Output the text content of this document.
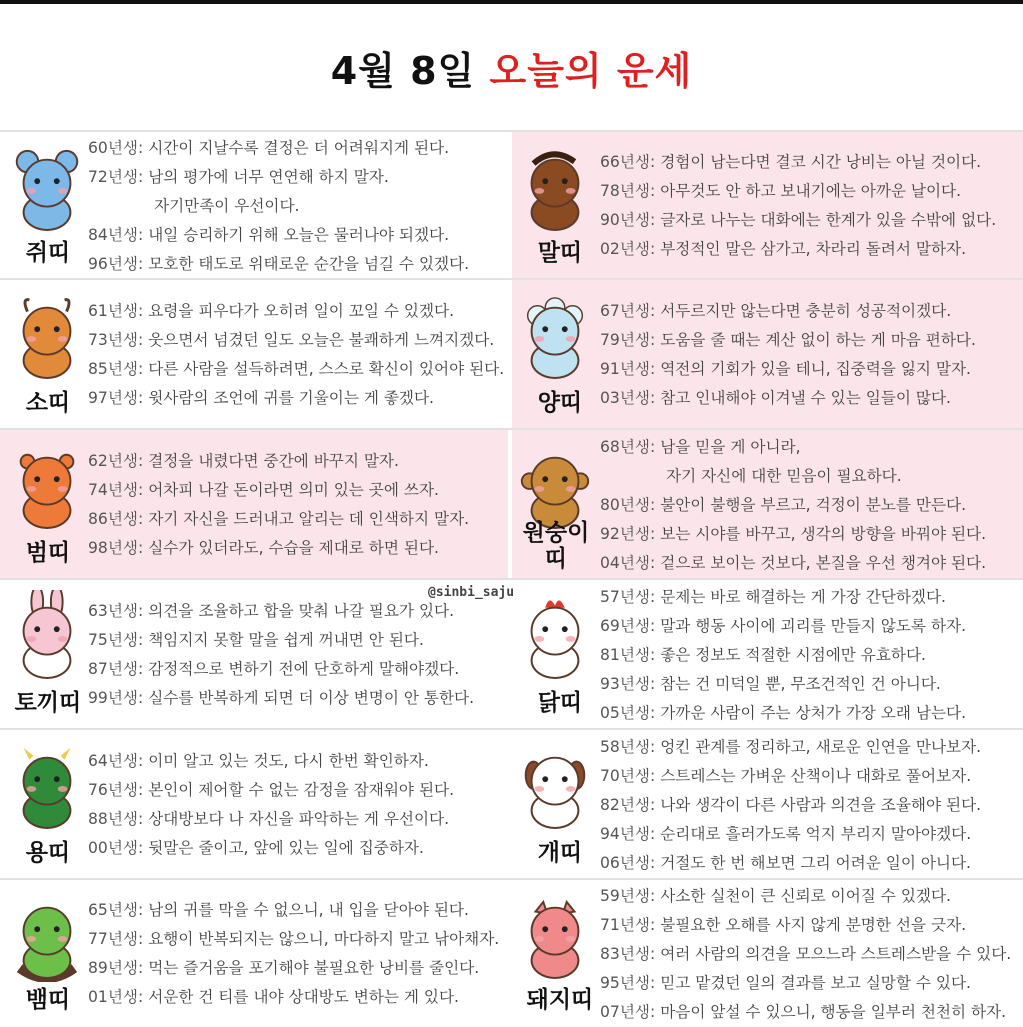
4월 8일 오늘의 운세
쥐띠
60년생: 시간이 지날수록 결정은 더 어려워지게 된다.
72년생: 남의 평가에 너무 연연해 하지 말자.
자기만족이 우선이다.
84년생: 내일 승리하기 위해 오늘은 물러나야 되겠다.
96년생: 모호한 태도로 위태로운 순간을 넘길 수 있겠다.	말띠
66년생: 경험이 남는다면 결코 시간 낭비는 아닐 것이다.
78년생: 아무것도 안 하고 보내기에는 아까운 날이다.
90년생: 글자로 나누는 대화에는 한계가 있을 수밖에 없다.
02년생: 부정적인 말은 삼가고, 차라리 돌려서 말하자.
소띠
61년생: 요령을 피우다가 오히려 일이 꼬일 수 있겠다.
73년생: 웃으면서 넘겼던 일도 오늘은 불쾌하게 느껴지겠다.
85년생: 다른 사람을 설득하려면, 스스로 확신이 있어야 된다.
97년생: 윗사람의 조언에 귀를 기울이는 게 좋겠다.	양띠
67년생: 서두르지만 않는다면 충분히 성공적이겠다.
79년생: 도움을 줄 때는 계산 없이 하는 게 마음 편하다.
91년생: 역전의 기회가 있을 테니, 집중력을 잃지 말자.
03년생: 참고 인내해야 이겨낼 수 있는 일들이 많다.
범띠
62년생: 결정을 내렸다면 중간에 바꾸지 말자.
74년생: 어차피 나갈 돈이라면 의미 있는 곳에 쓰자.
86년생: 자기 자신을 드러내고 알리는 데 인색하지 말자.
98년생: 실수가 있더라도, 수습을 제대로 하면 된다.
원숭이띠
68년생: 남을 믿을 게 아니라,
자기 자신에 대한 믿음이 필요하다.
80년생: 불안이 불행을 부르고, 걱정이 분노를 만든다.
92년생: 보는 시야를 바꾸고, 생각의 방향을 바꿔야 된다.
04년생: 겉으로 보이는 것보다, 본질을 우선 챙겨야 된다.
토끼띠
63년생: 의견을 조율하고 합을 맞춰 나갈 필요가 있다.
75년생: 책임지지 못할 말을 쉽게 꺼내면 안 된다.
87년생: 감정적으로 변하기 전에 단호하게 말해야겠다.
99년생: 실수를 반복하게 되면 더 이상 변명이 안 통한다.	닭띠
57년생: 문제는 바로 해결하는 게 가장 간단하겠다.
69년생: 말과 행동 사이에 괴리를 만들지 않도록 하자.
81년생: 좋은 정보도 적절한 시점에만 유효하다.
93년생: 참는 건 미덕일 뿐, 무조건적인 건 아니다.
05년생: 가까운 사람이 주는 상처가 가장 오래 남는다.
용띠
64년생: 이미 알고 있는 것도, 다시 한번 확인하자.
76년생: 본인이 제어할 수 없는 감정을 잠재워야 된다.
88년생: 상대방보다 나 자신을 파악하는 게 우선이다.
00년생: 뒷말은 줄이고, 앞에 있는 일에 집중하자.	개띠
58년생: 엉킨 관계를 정리하고, 새로운 인연을 만나보자.
70년생: 스트레스는 가벼운 산책이나 대화로 풀어보자.
82년생: 나와 생각이 다른 사람과 의견을 조율해야 된다.
94년생: 순리대로 흘러가도록 억지 부리지 말아야겠다.
06년생: 거절도 한 번 해보면 그리 어려운 일이 아니다.
뱀띠
65년생: 남의 귀를 막을 수 없으니, 내 입을 닫아야 된다.
77년생: 요행이 반복되지는 않으니, 마다하지 말고 낚아채자.
89년생: 먹는 즐거움을 포기해야 불필요한 낭비를 줄인다.
01년생: 서운한 건 티를 내야 상대방도 변하는 게 있다.	돼지띠
59년생: 사소한 실천이 큰 신뢰로 이어질 수 있겠다.
71년생: 불필요한 오해를 사지 않게 분명한 선을 긋자.
83년생: 여러 사람의 의견을 모으느라 스트레스받을 수 있다.
95년생: 믿고 맡겼던 일의 결과를 보고 실망할 수 있다.
07년생: 마음이 앞설 수 있으니, 행동을 일부러 천천히 하자.
@sinbi_saju
